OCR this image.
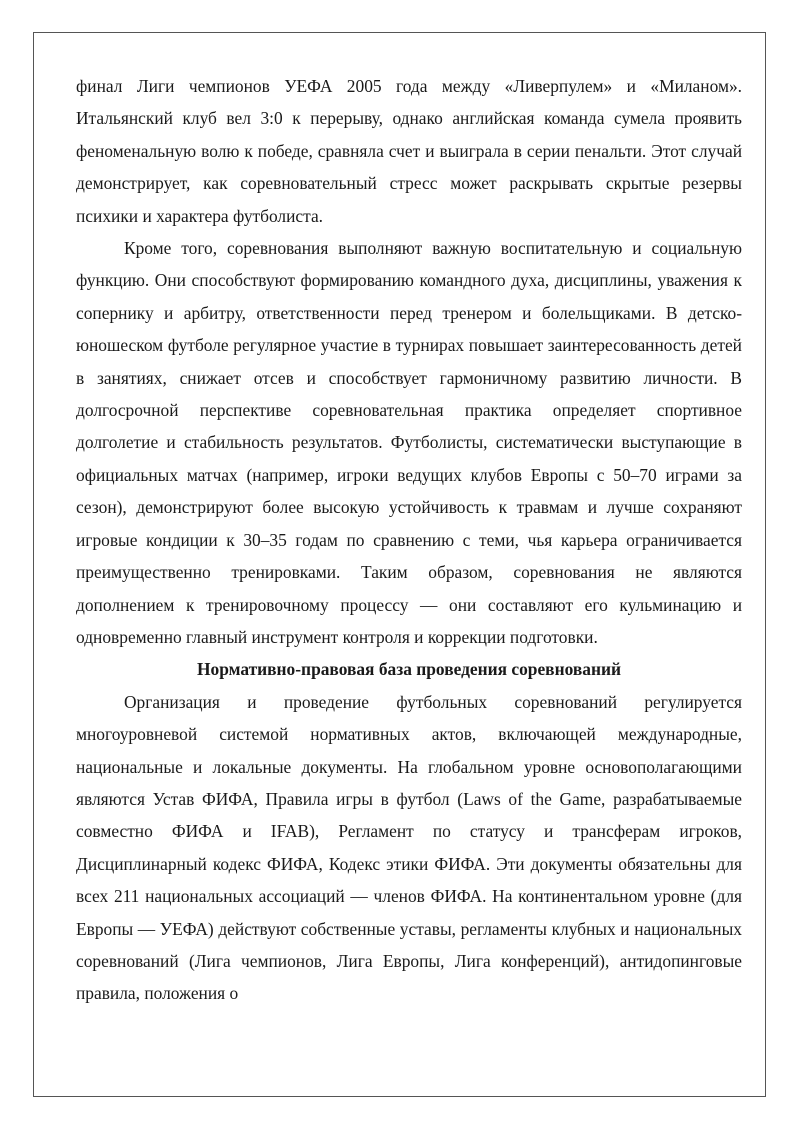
финал Лиги чемпионов УЕФА 2005 года между «Ливерпулем» и «Миланом». Итальянский клуб вел 3:0 к перерыву, однако английская команда сумела проявить феноменальную волю к победе, сравняла счет и выиграла в серии пенальти. Этот случай демонстрирует, как соревновательный стресс может раскрывать скрытые резервы психики и характера футболиста.

Кроме того, соревнования выполняют важную воспитательную и социальную функцию. Они способствуют формированию командного духа, дисциплины, уважения к сопернику и арбитру, ответственности перед тренером и болельщиками. В детско-юношеском футболе регулярное участие в турнирах повышает заинтересованность детей в занятиях, снижает отсев и способствует гармоничному развитию личности. В долгосрочной перспективе соревновательная практика определяет спортивное долголетие и стабильность результатов. Футболисты, систематически выступающие в официальных матчах (например, игроки ведущих клубов Европы с 50–70 играми за сезон), демонстрируют более высокую устойчивость к травмам и лучше сохраняют игровые кондиции к 30–35 годам по сравнению с теми, чья карьера ограничивается преимущественно тренировками. Таким образом, соревнования не являются дополнением к тренировочному процессу — они составляют его кульминацию и одновременно главный инструмент контроля и коррекции подготовки.

Нормативно-правовая база проведения соревнований

Организация и проведение футбольных соревнований регулируется многоуровневой системой нормативных актов, включающей международные, национальные и локальные документы. На глобальном уровне основополагающими являются Устав ФИФА, Правила игры в футбол (Laws of the Game, разрабатываемые совместно ФИФА и IFAB), Регламент по статусу и трансферам игроков, Дисциплинарный кодекс ФИФА, Кодекс этики ФИФА. Эти документы обязательны для всех 211 национальных ассоциаций — членов ФИФА. На континентальном уровне (для Европы — УЕФА) действуют собственные уставы, регламенты клубных и национальных соревнований (Лига чемпионов, Лига Европы, Лига конференций), антидопинговые правила, положения о
